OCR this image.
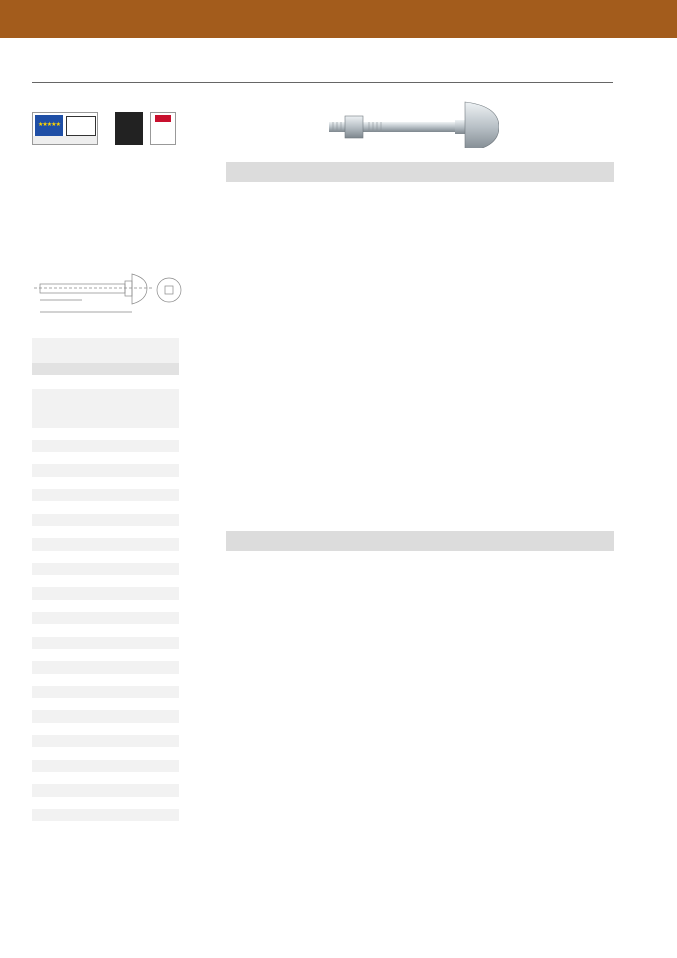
★★★★★
